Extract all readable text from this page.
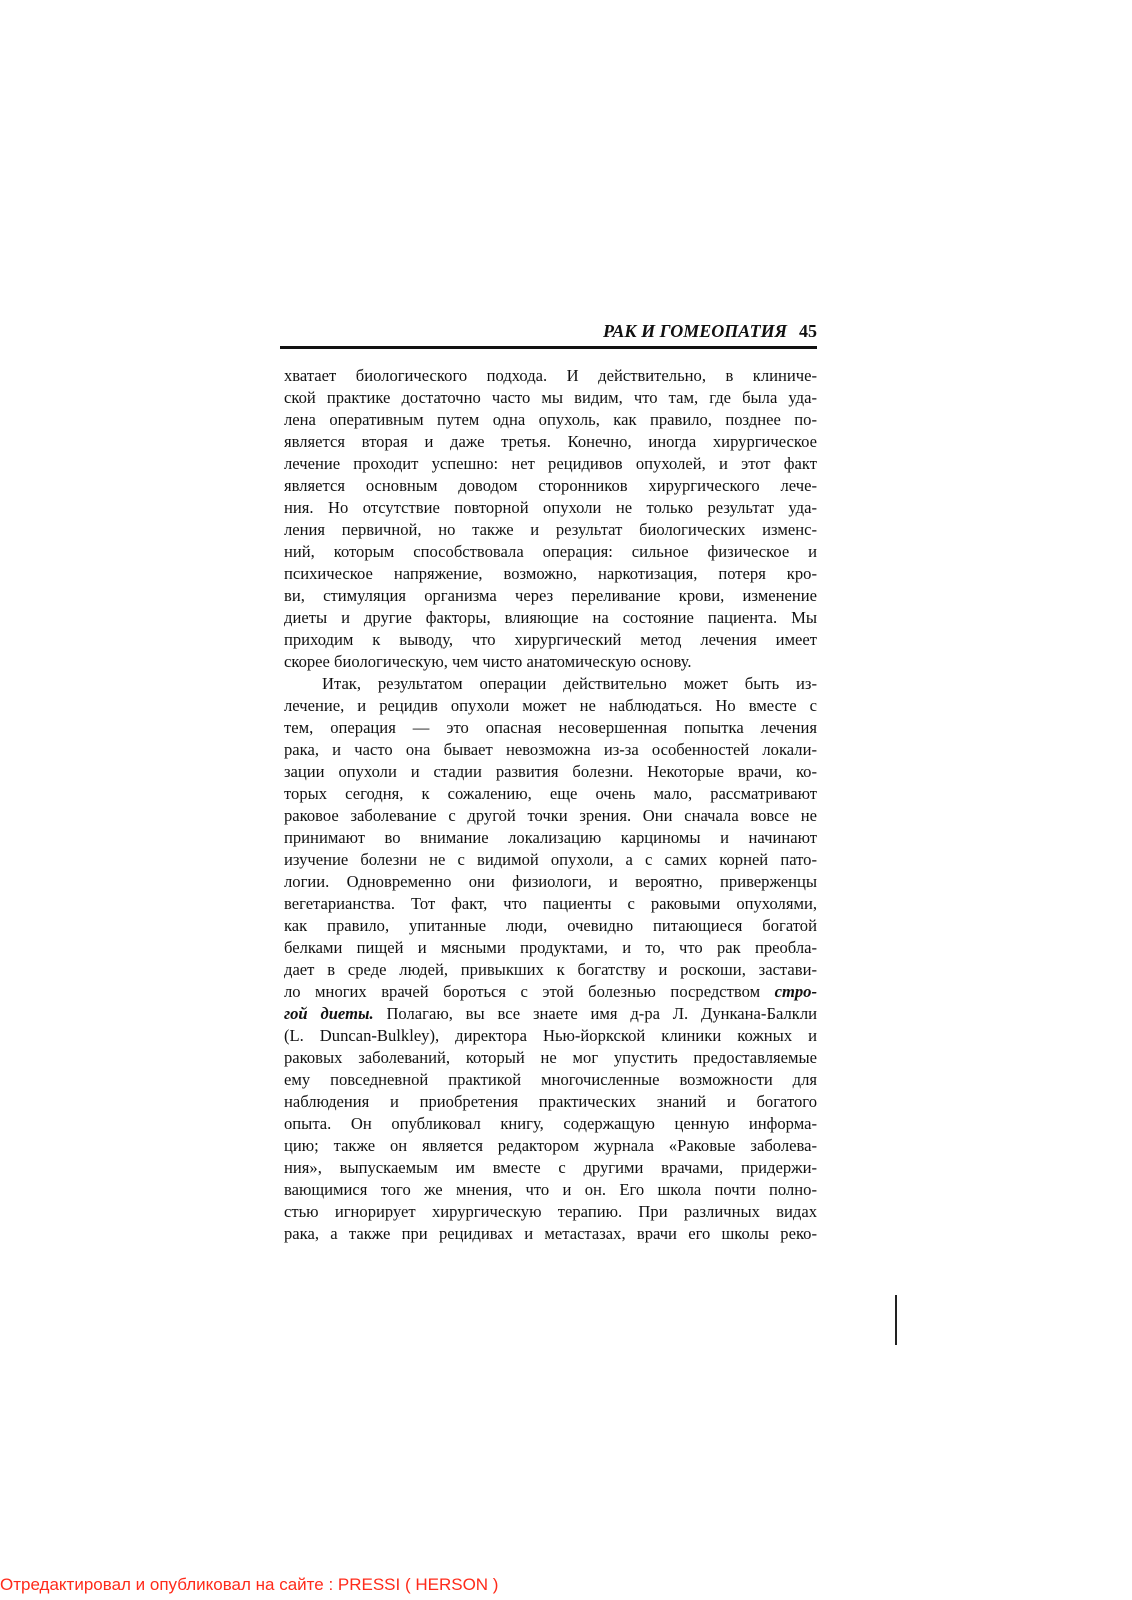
РАК И ГОМЕОПАТИЯ 45
хватает биологического подхода. И действительно, в клиниче-
ской практике достаточно часто мы видим, что там, где была уда-
лена оперативным путем одна опухоль, как правило, позднее по-
является вторая и даже третья. Конечно, иногда хирургическое
лечение проходит успешно: нет рецидивов опухолей, и этот факт
является основным доводом сторонников хирургического лече-
ния. Но отсутствие повторной опухоли не только результат уда-
ления первичной, но также и результат биологических изменс-
ний, которым способствовала операция: сильное физическое и
психическое напряжение, возможно, наркотизация, потеря кро-
ви, стимуляция организма через переливание крови, изменение
диеты и другие факторы, влияющие на состояние пациента. Мы
приходим к выводу, что хирургический метод лечения имеет
скорее биологическую, чем чисто анатомическую основу.
Итак, результатом операции действительно может быть из-
лечение, и рецидив опухоли может не наблюдаться. Но вместе с
тем, операция — это опасная несовершенная попытка лечения
рака, и часто она бывает невозможна из-за особенностей локали-
зации опухоли и стадии развития болезни. Некоторые врачи, ко-
торых сегодня, к сожалению, еще очень мало, рассматривают
раковое заболевание с другой точки зрения. Они сначала вовсе не
принимают во внимание локализацию карциномы и начинают
изучение болезни не с видимой опухоли, а с самих корней пато-
логии. Одновременно они физиологи, и вероятно, приверженцы
вегетарианства. Тот факт, что пациенты с раковыми опухолями,
как правило, упитанные люди, очевидно питающиеся богатой
белками пищей и мясными продуктами, и то, что рак преобла-
дает в среде людей, привыкших к богатству и роскоши, застави-
ло многих врачей бороться с этой болезнью посредством стро-
гой диеты. Полагаю, вы все знаете имя д-ра Л. Дункана-Балкли
(L. Duncan-Bulkley), директора Нью-йоркской клиники кожных и
раковых заболеваний, который не мог упустить предоставляемые
ему повседневной практикой многочисленные возможности для
наблюдения и приобретения практических знаний и богатого
опыта. Он опубликовал книгу, содержащую ценную информа-
цию; также он является редактором журнала «Раковые заболева-
ния», выпускаемым им вместе с другими врачами, придержи-
вающимися того же мнения, что и он. Его школа почти полно-
стью игнорирует хирургическую терапию. При различных видах
рака, а также при рецидивах и метастазах, врачи его школы реко-
Отредактировал и опубликовал на сайте : PRESSI ( HERSON )
